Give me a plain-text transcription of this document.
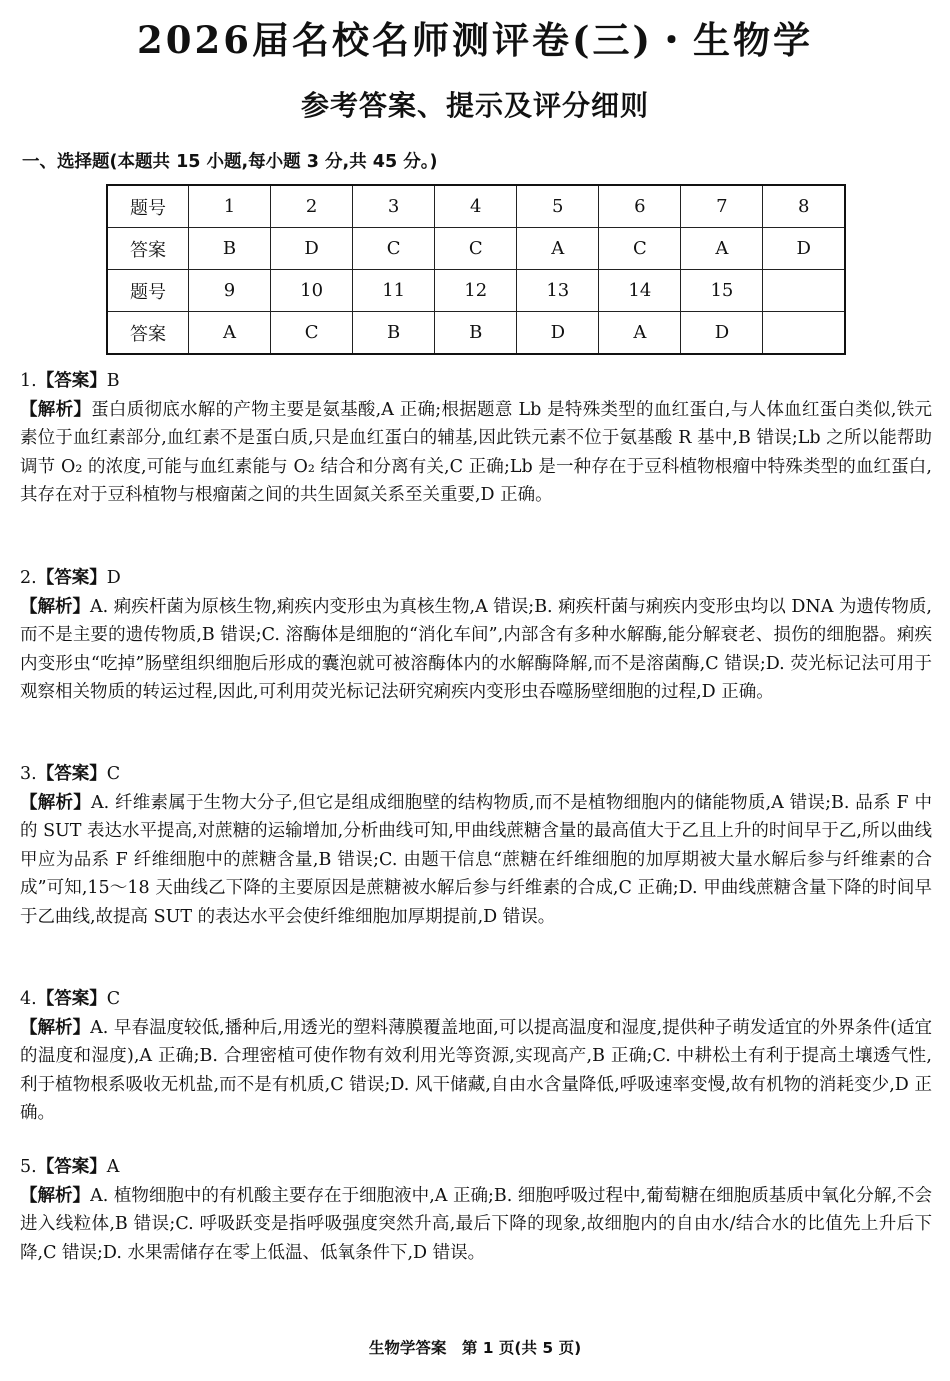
2026届名校名师测评卷(三)・生物学
参考答案、提示及评分细则
一、选择题(本题共 15 小题,每小题 3 分,共 45 分。)
题号	1	2	3	4	5	6	7	8
答案	B	D	C	C	A	C	A	D
题号	9	10	11	12	13	14	15	
答案	A	C	B	B	D	A	D	
1.【答案】B
【解析】蛋白质彻底水解的产物主要是氨基酸,A 正确;根据题意 Lb 是特殊类型的血红蛋白,与人体血红蛋白类似,铁元素位于血红素部分,血红素不是蛋白质,只是血红蛋白的辅基,因此铁元素不位于氨基酸 R 基中,B 错误;Lb 之所以能帮助调节 O₂ 的浓度,可能与血红素能与 O₂ 结合和分离有关,C 正确;Lb 是一种存在于豆科植物根瘤中特殊类型的血红蛋白,其存在对于豆科植物与根瘤菌之间的共生固氮关系至关重要,D 正确。
2.【答案】D
【解析】A. 痢疾杆菌为原核生物,痢疾内变形虫为真核生物,A 错误;B. 痢疾杆菌与痢疾内变形虫均以 DNA 为遗传物质,而不是主要的遗传物质,B 错误;C. 溶酶体是细胞的“消化车间”,内部含有多种水解酶,能分解衰老、损伤的细胞器。痢疾内变形虫“吃掉”肠壁组织细胞后形成的囊泡就可被溶酶体内的水解酶降解,而不是溶菌酶,C 错误;D. 荧光标记法可用于观察相关物质的转运过程,因此,可利用荧光标记法研究痢疾内变形虫吞噬肠壁细胞的过程,D 正确。
3.【答案】C
【解析】A. 纤维素属于生物大分子,但它是组成细胞壁的结构物质,而不是植物细胞内的储能物质,A 错误;B. 品系 F 中的 SUT 表达水平提高,对蔗糖的运输增加,分析曲线可知,甲曲线蔗糖含量的最高值大于乙且上升的时间早于乙,所以曲线甲应为品系 F 纤维细胞中的蔗糖含量,B 错误;C. 由题干信息“蔗糖在纤维细胞的加厚期被大量水解后参与纤维素的合成”可知,15～18 天曲线乙下降的主要原因是蔗糖被水解后参与纤维素的合成,C 正确;D. 甲曲线蔗糖含量下降的时间早于乙曲线,故提高 SUT 的表达水平会使纤维细胞加厚期提前,D 错误。
4.【答案】C
【解析】A. 早春温度较低,播种后,用透光的塑料薄膜覆盖地面,可以提高温度和湿度,提供种子萌发适宜的外界条件(适宜的温度和湿度),A 正确;B. 合理密植可使作物有效利用光等资源,实现高产,B 正确;C. 中耕松土有利于提高土壤透气性,利于植物根系吸收无机盐,而不是有机质,C 错误;D. 风干储藏,自由水含量降低,呼吸速率变慢,故有机物的消耗变少,D 正确。
5.【答案】A
【解析】A. 植物细胞中的有机酸主要存在于细胞液中,A 正确;B. 细胞呼吸过程中,葡萄糖在细胞质基质中氧化分解,不会进入线粒体,B 错误;C. 呼吸跃变是指呼吸强度突然升高,最后下降的现象,故细胞内的自由水/结合水的比值先上升后下降,C 错误;D. 水果需储存在零上低温、低氧条件下,D 错误。
生物学答案　第 1 页(共 5 页)
